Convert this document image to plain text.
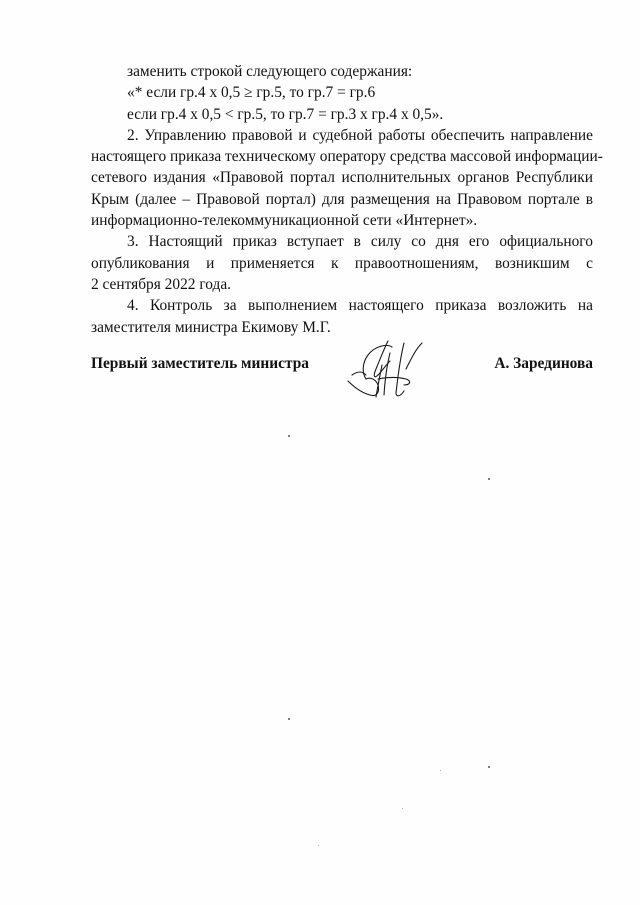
заменить строкой следующего содержания:
«* если гр.4 х 0,5 ≥ гр.5, то гр.7 = гр.6
если гр.4 х 0,5 < гр.5, то гр.7 = гр.3 х гр.4 х 0,5».
2. Управлению правовой и судебной работы обеспечить направление
настоящего приказа техническому оператору средства массовой информации-
сетевого издания «Правовой портал исполнительных органов Республики
Крым (далее – Правовой портал) для размещения на Правовом портале в
информационно-телекоммуникационной сети «Интернет».
3. Настоящий приказ вступает в силу со дня его официального
опубликования и применяется к правоотношениям, возникшим с
2 сентября 2022 года.
4. Контроль за выполнением настоящего приказа возложить на
заместителя министра Екимову М.Г.
Первый заместитель министра	А. Зарединова
